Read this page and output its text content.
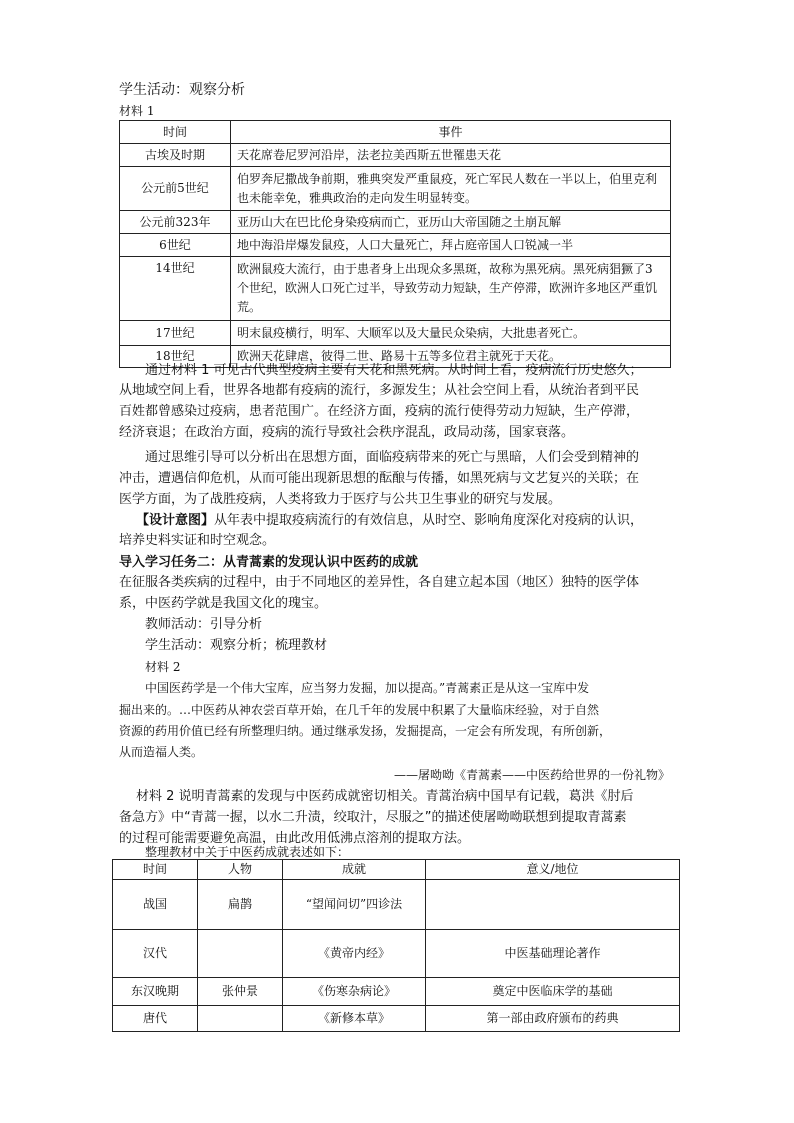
学生活动：观察分析
材料 1
时间	事件
古埃及时期	天花席卷尼罗河沿岸，法老拉美西斯五世罹患天花
公元前5世纪	伯罗奔尼撒战争前期，雅典突发严重鼠疫，死亡军民人数在一半以上，伯里克利也未能幸免，雅典政治的走向发生明显转变。
公元前323年	亚历山大在巴比伦身染疫病而亡，亚历山大帝国随之土崩瓦解
6世纪	地中海沿岸爆发鼠疫，人口大量死亡，拜占庭帝国人口锐减一半
14世纪	欧洲鼠疫大流行，由于患者身上出现众多黑斑，故称为黑死病。黑死病猖獗了3个世纪，欧洲人口死亡过半，导致劳动力短缺，生产停滞，欧洲许多地区严重饥荒。
17世纪	明末鼠疫横行，明军、大顺军以及大量民众染病，大批患者死亡。
18世纪	欧洲天花肆虐，彼得二世、路易十五等多位君主就死于天花。
通过材料 1 可见古代典型疫病主要有天花和黑死病。从时间上看，疫病流行历史悠久；
从地域空间上看，世界各地都有疫病的流行，多源发生；从社会空间上看，从统治者到平民
百姓都曾感染过疫病，患者范围广。在经济方面，疫病的流行使得劳动力短缺，生产停滞，
经济衰退；在政治方面，疫病的流行导致社会秩序混乱，政局动荡，国家衰落。
通过思维引导可以分析出在思想方面，面临疫病带来的死亡与黑暗，人们会受到精神的
冲击，遭遇信仰危机，从而可能出现新思想的酝酿与传播，如黑死病与文艺复兴的关联；在
医学方面，为了战胜疫病，人类将致力于医疗与公共卫生事业的研究与发展。
【设计意图】从年表中提取疫病流行的有效信息，从时空、影响角度深化对疫病的认识，
培养史料实证和时空观念。
导入学习任务二：从青蒿素的发现认识中医药的成就
在征服各类疾病的过程中，由于不同地区的差异性，各自建立起本国（地区）独特的医学体
系，中医药学就是我国文化的瑰宝。
教师活动：引导分析
学生活动：观察分析；梳理教材
材料 2
中国医药学是一个伟大宝库，应当努力发掘，加以提高。”青蒿素正是从这一宝库中发
掘出来的。…中医药从神农尝百草开始，在几千年的发展中积累了大量临床经验，对于自然
资源的药用价值已经有所整理归纳。通过继承发扬，发掘提高，一定会有所发现，有所创新，
从而造福人类。
——屠呦呦《青蒿素——中医药给世界的一份礼物》
材料 2 说明青蒿素的发现与中医药成就密切相关。青蒿治病中国早有记载，葛洪《肘后
备急方》中“青蒿一握，以水二升渍，绞取汁，尽服之”的描述使屠呦呦联想到提取青蒿素
的过程可能需要避免高温，由此改用低沸点溶剂的提取方法。
整理教材中关于中医药成就表述如下：
时间	人物	成就	意义/地位
战国	扁鹊	“望闻问切”四诊法	
汉代		《黄帝内经》	中医基础理论著作
东汉晚期	张仲景	《伤寒杂病论》	奠定中医临床学的基础
唐代		《新修本草》	第一部由政府颁布的药典
